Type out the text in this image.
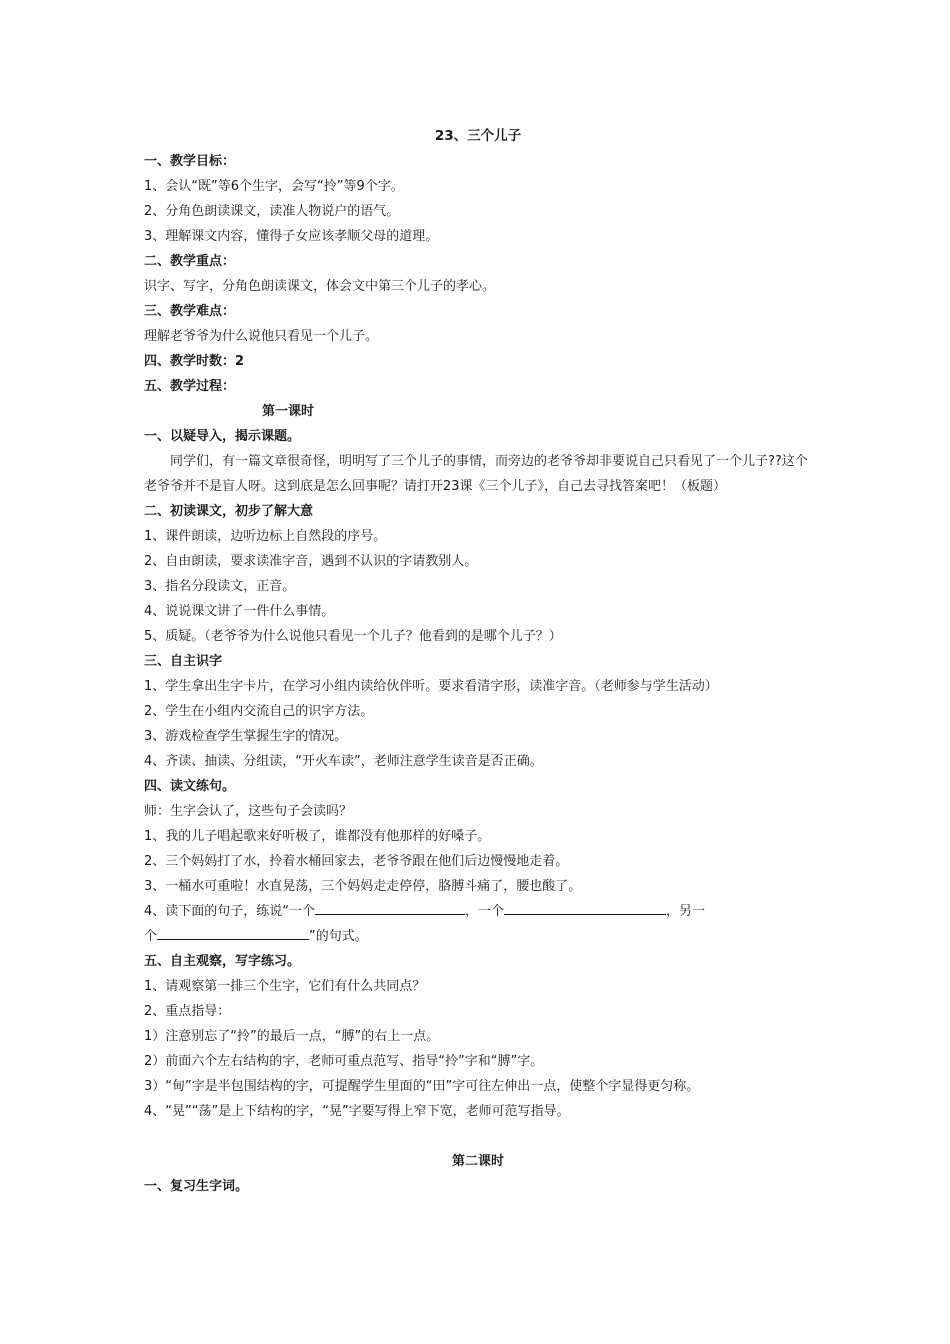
23、三个儿子

一、教学目标：

1、会认“既”等6个生字，会写“拎”等9个字。

2、分角色朗读课文，读准人物说户的语气。

3、理解课文内容，懂得子女应该孝顺父母的道理。

二、教学重点：

识字、写字，分角色朗读课文，体会文中第三个儿子的孝心。

三、教学难点：

理解老爷爷为什么说他只看见一个儿子。

四、教学时数：2

五、教学过程：

第一课时

一、以疑导入，揭示课题。

同学们，有一篇文章很奇怪，明明写了三个儿子的事情，而旁边的老爷爷却非要说自己只看见了一个儿子??这个老爷爷并不是盲人呀。这到底是怎么回事呢？请打开23课《三个儿子》，自己去寻找答案吧！（板题）

二、初读课文，初步了解大意

1、课件朗读，边听边标上自然段的序号。

2、自由朗读，要求读准字音，遇到不认识的字请教别人。

3、指名分段读文，正音。

4、说说课文讲了一件什么事情。

5、质疑。（老爷爷为什么说他只看见一个儿子？他看到的是哪个儿子？）

三、自主识字

1、学生拿出生字卡片，在学习小组内读给伙伴听。要求看清字形，读准字音。（老师参与学生活动）

2、学生在小组内交流自己的识字方法。

3、游戏检查学生掌握生字的情况。

4、齐读、抽读、分组读，“开火车读”，老师注意学生读音是否正确。

四、读文练句。

师：生字会认了，这些句子会读吗？

1、我的儿子唱起歌来好听极了，谁都没有他那样的好嗓子。

2、三个妈妈打了水，拎着水桶回家去，老爷爷跟在他们后边慢慢地走着。

3、一桶水可重啦！水直晃荡，三个妈妈走走停停，胳膊斗痛了，腰也酸了。

4、读下面的句子，练说“一个	，一个	，另一

个	”的句式。

五、自主观察，写字练习。

1、请观察第一排三个生字，它们有什么共同点？

2、重点指导：

1）注意别忘了“拎”的最后一点，“膊”的右上一点。

2）前面六个左右结构的字，老师可重点范写、指导“拎”字和“膊”字。

3）“甸”字是半包围结构的字，可提醒学生里面的“田”字可往左伸出一点，使整个字显得更匀称。

4、“晃”“荡”是上下结构的字，“晃”字要写得上窄下宽，老师可范写指导。

第二课时

一、复习生字词。
